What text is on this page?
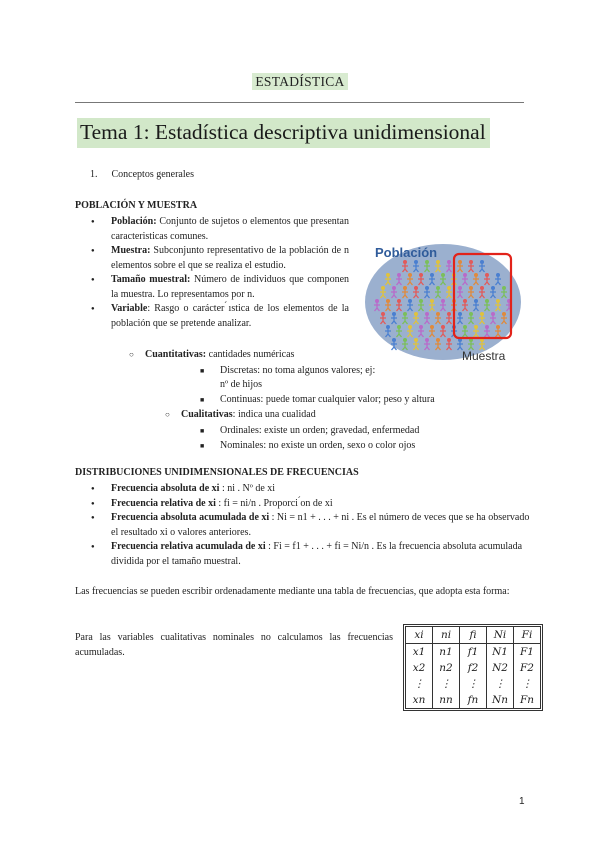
ESTADÍSTICA
Tema 1: Estadística descriptiva unidimensional
1. Conceptos generales
POBLACIÓN Y MUESTRA
● Población: Conjunto de sujetos o elementos que presentan caracteristicas comunes.
● Muestra: Subconjunto representativo de la población de n elementos sobre el que se realiza el estudio.
● Tamaño muestral: Número de individuos que componen la muestra. Lo representamos por n.
● Variable: Rasgo o carácter ́ıstica de los elementos de la población que se pretende analizar.
○ Cuantitativas: cantidades numéricas
■ Discretas: no toma algunos valores; ej: nº de hijos
■ Continuas: puede tomar cualquier valor; peso y altura
○ Cualitativas: indica una cualidad
■ Ordinales: existe un orden; gravedad, enfermedad
■ Nominales: no existe un orden, sexo o color ojos
Población
Muestra
DISTRIBUCIONES UNIDIMENSIONALES DE FRECUENCIAS
● Frecuencia absoluta de xi : ni . Nº de xi
● Frecuencia relativa de xi : fi = ni/n . Proporci ́on de xi
● Frecuencia absoluta acumulada de xi : Ni = n1 + . . . + ni . Es el número de veces que se ha observado el resultado xi o valores anteriores.
● Frecuencia relativa acumulada de xi : Fi = f1 + . . . + fi = Ni/n . Es la frecuencia absoluta acumulada dividida por el tamaño muestral.
Las frecuencias se pueden escribir ordenadamente mediante una tabla de frecuencias, que adopta esta forma:
Para las variables cualitativas nominales no calculamos las frecuencias acumuladas.
xi	ni	fi	Ni	Fi
x1	n1	f1	N1	F1
x2	n2	f2	N2	F2
⋮	⋮	⋮	⋮	⋮
xn	nn	fn	Nn	Fn
1
